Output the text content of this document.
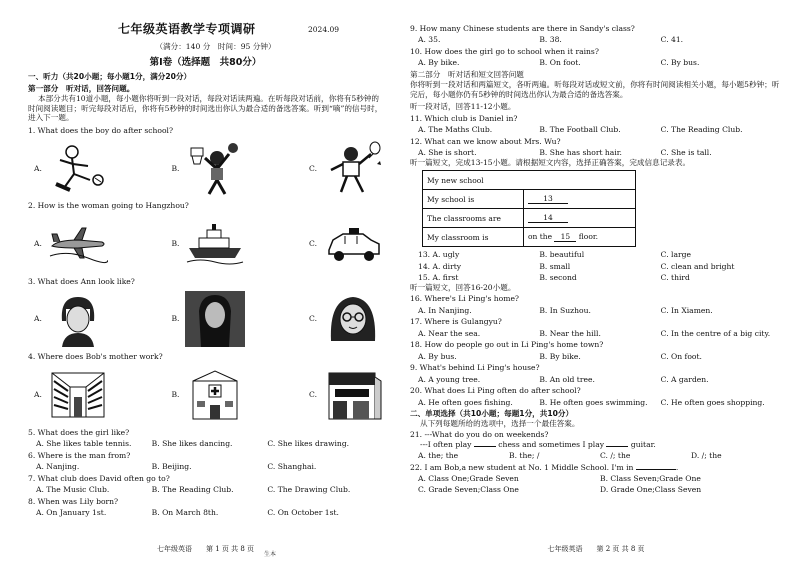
七年级英语教学专项调研	2024.09
（满分：140 分　时间：95 分钟）
第Ⅰ卷（选择题　共80分）
一、听力（共20小题；每小题1分，满分20分）
第一部分　听对话，回答问题。
本部分共有10道小题，每小题你将听到一段对话，每段对话读两遍。在听每段对话前，你将有5秒钟的时间阅读题目；听完每段对话后，你将有5秒钟的时间选出你认为最合适的备选答案。听到“嘀”的信号时，进入下一题。
1. What does the boy do after school?
A.	B.	C.
2. How is the woman going to Hangzhou?
A.	B.	C.
3. What does Ann look like?
A.	B.	C.
4. Where does Bob's mother work?
A.	B.	C.
5. What does the girl like?
A. She likes table tennis.	B. She likes dancing.	C. She likes drawing.
6. Where is the man from?
A. Nanjing.	B. Beijing.	C. Shanghai.
7. What club does David often go to?
A. The Music Club.	B. The Reading Club.	C. The Drawing Club.
8. When was Lily born?
A. On January 1st.	B. On March 8th.	C. On October 1st.
七年级英语　　第 1 页 共 8 页
生本
9. How many Chinese students are there in Sandy's class?
A. 35.	B. 38.	C. 41.
10. How does the girl go to school when it rains?
A. By bike.	B. On foot.	C. By bus.
第二部分　听对话和短文回答问题
你将听到一段对话和两篇短文，各听两遍。听每段对话或短文前，你将有时间阅读相关小题，每小题5秒钟；听完后，每小题你仍有5秒钟的时间选出你认为最合适的备选答案。
听一段对话，回答11-12小题。
11. Which club is Daniel in?
A. The Maths Club.	B. The Football Club.	C. The Reading Club.
12. What can we know about Mrs. Wu?
A. She is short.	B. She has short hair.	C. She is tall.
听一篇短文，完成13-15小题。请根据短文内容，选择正确答案，完成信息记录表。
My new school	
My school is	13
The classrooms are	14
My classroom is	on the 15 floor.
13. A. ugly	B. beautiful	C. large
14. A. dirty	B. small	C. clean and bright
15. A. first	B. second	C. third
听一篇短文，回答16-20小题。
16. Where's Li Ping's home?
A. In Nanjing.	B. In Suzhou.	C. In Xiamen.
17. Where is Gulangyu?
A. Near the sea.	B. Near the hill.	C. In the centre of a big city.
18. How do people go out in Li Ping's home town?
A. By bus.	B. By bike.	C. On foot.
9. What's behind Li Ping's house?
A. A young tree.	B. An old tree.	C. A garden.
20. What does Li Ping often do after school?
A. He often goes fishing.	B. He often goes swimming.	C. He often goes shopping.
二、单项选择（共10小题；每题1分，共10分）
从下列每题所给的选项中，选择一个最佳答案。
21. ---What do you do on weekends?
---I often play	chess and sometimes I play	guitar.
A. the; the	B. the; /	C. /; the	D. /; the
22. I am Bob,a new student at No. 1 Middle School. I'm in	.
A. Class One;Grade Seven	B. Class Seven;Grade One
C. Grade Seven;Class One	D. Grade One;Class Seven
七年级英语　　第 2 页 共 8 页
